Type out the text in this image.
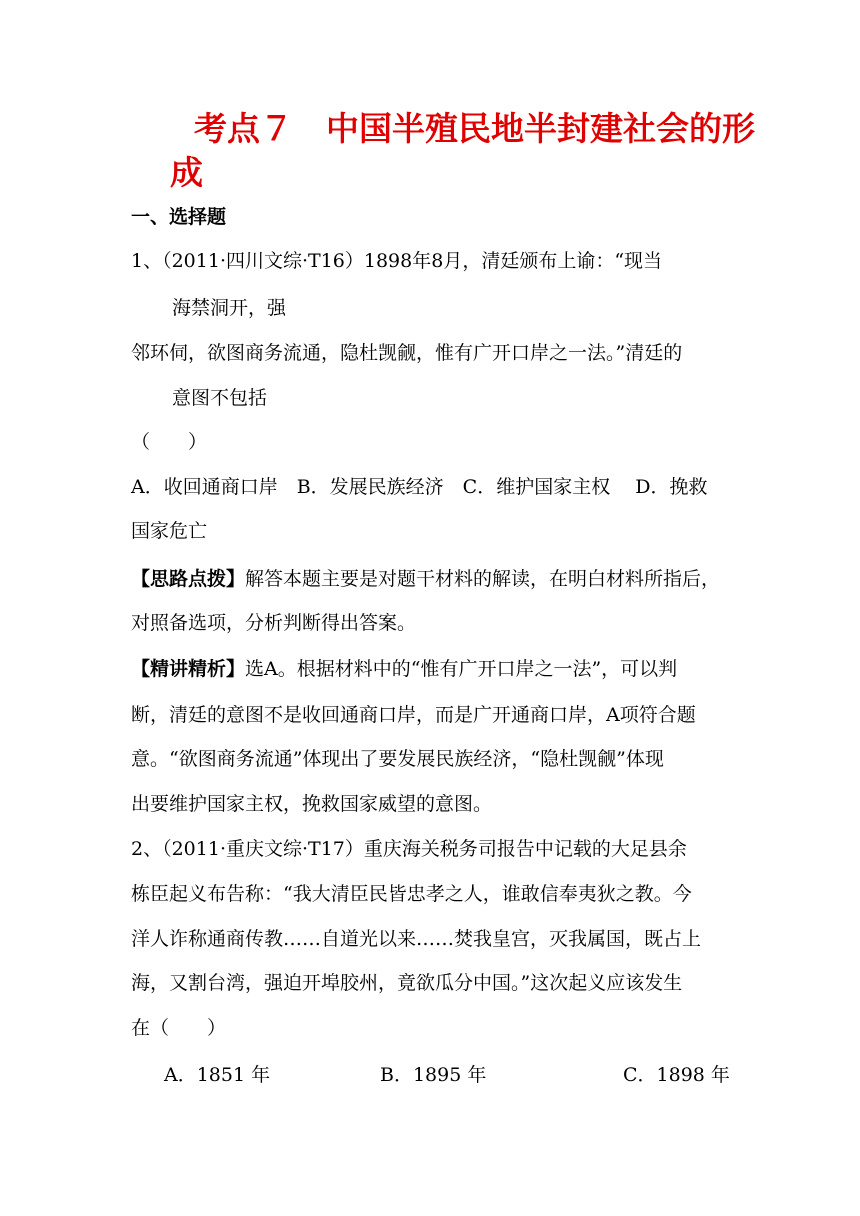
考点７　中国半殖民地半封建社会的形
成
一、选择题
1、（2011·四川文综·T16）1898年8月，清廷颁布上谕：“现当
海禁洞开，强
邻环伺，欲图商务流通，隐杜觊觎，惟有广开口岸之一法。”清廷的
意图不包括
（　　）
A．收回通商口岸　B．发展民族经济　C．维护国家主权　 D．挽救
国家危亡
【思路点拨】解答本题主要是对题干材料的解读，在明白材料所指后，
对照备选项，分析判断得出答案。
【精讲精析】选A。根据材料中的“惟有广开口岸之一法”，可以判
断，清廷的意图不是收回通商口岸，而是广开通商口岸，A项符合题
意。“欲图商务流通”体现出了要发展民族经济，“隐杜觊觎”体现
出要维护国家主权，挽救国家威望的意图。
2、（2011·重庆文综·T17）重庆海关税务司报告中记载的大足县余
栋臣起义布告称：“我大清臣民皆忠孝之人，谁敢信奉夷狄之教。今
洋人诈称通商传教……自道光以来……焚我皇宫，灭我属国，既占上
海，又割台湾，强迫开埠胶州，竟欲瓜分中国。”这次起义应该发生
在（　　）
A．1851 年	B．1895 年	C．1898 年
